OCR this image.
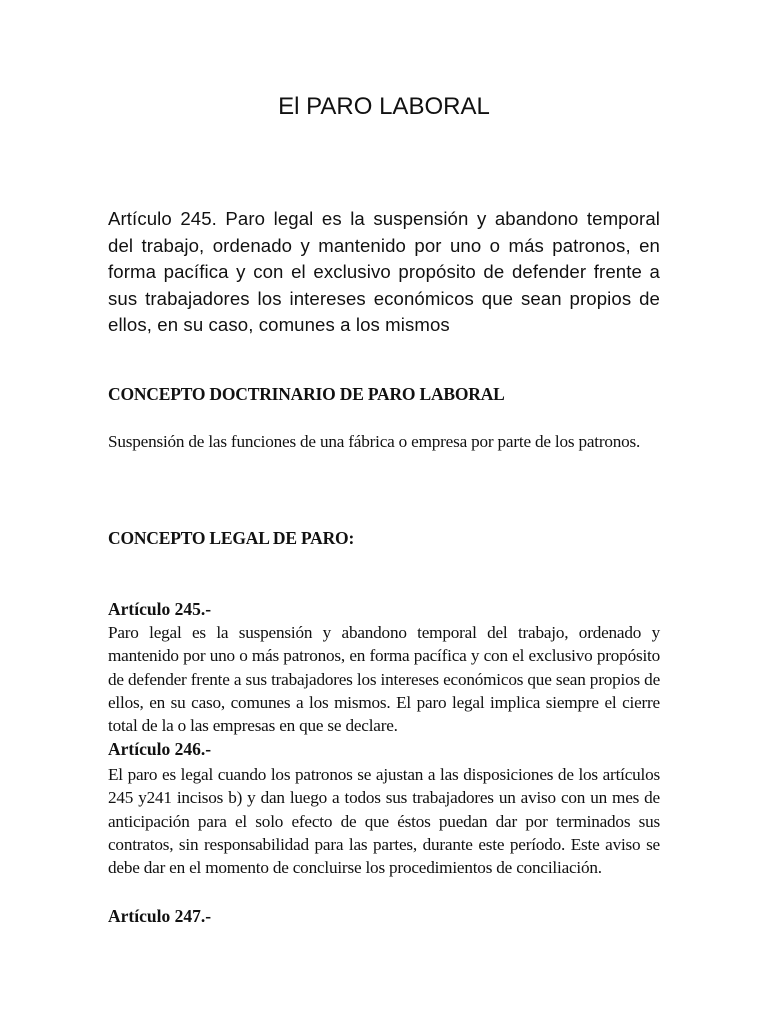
El PARO LABORAL
Artículo 245. Paro legal es la suspensión y abandono temporal del trabajo, ordenado y mantenido por uno o más patronos, en forma pacífica y con el exclusivo propósito de defender frente a sus trabajadores los intereses económicos que sean propios de ellos, en su caso, comunes a los mismos
CONCEPTO DOCTRINARIO DE PARO LABORAL
Suspensión de las funciones de una fábrica o empresa por parte de los patronos.
CONCEPTO LEGAL DE PARO:
Artículo 245.-
Paro legal es la suspensión y abandono temporal del trabajo, ordenado y mantenido por uno o más patronos, en forma pacífica y con el exclusivo propósito de defender frente a sus trabajadores los intereses económicos que sean propios de ellos, en su caso, comunes a los mismos. El paro legal implica siempre el cierre total de la o las empresas en que se declare.
Artículo 246.-
El paro es legal cuando los patronos se ajustan a las disposiciones de los artículos 245 y241 incisos b) y dan luego a todos sus trabajadores un aviso con un mes de anticipación para el solo efecto de que éstos puedan dar por terminados sus contratos, sin responsabilidad para las partes, durante este período. Este aviso se debe dar en el momento de concluirse los procedimientos de conciliación.
Artículo 247.-
